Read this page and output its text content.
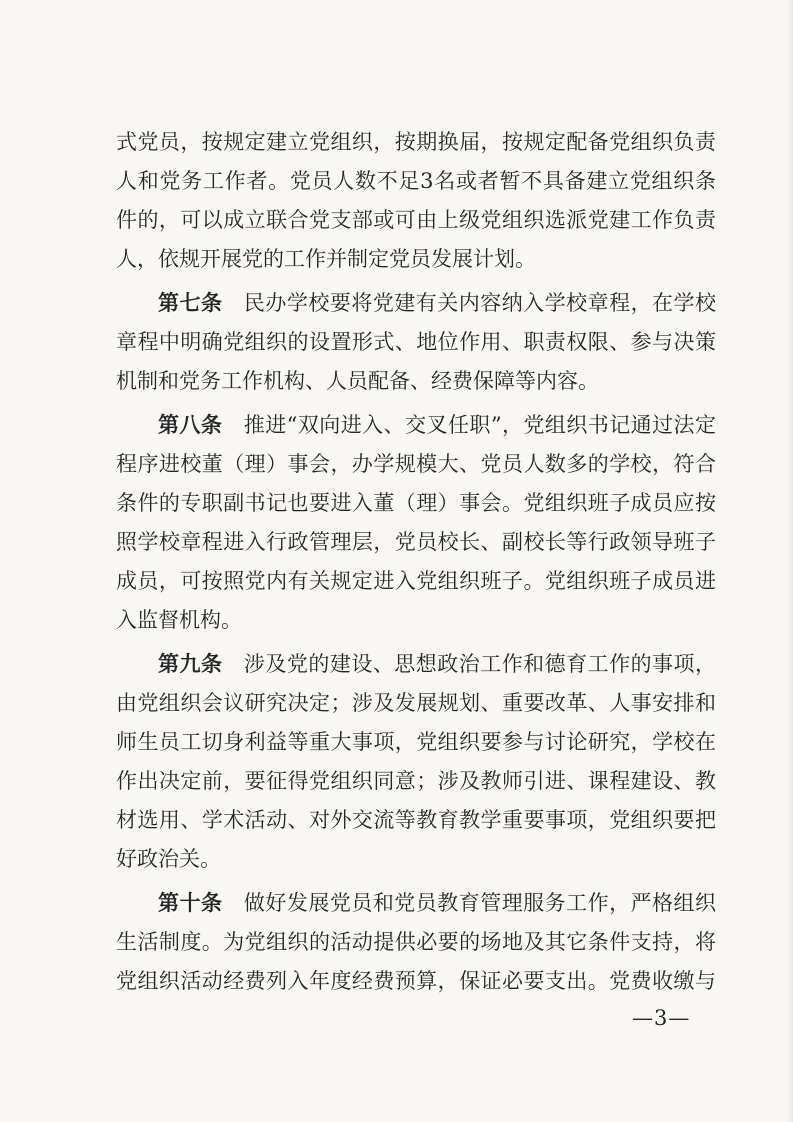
式党员，按规定建立党组织，按期换届，按规定配备党组织负责
人和党务工作者。党员人数不足3名或者暂不具备建立党组织条
件的，可以成立联合党支部或可由上级党组织选派党建工作负责
人，依规开展党的工作并制定党员发展计划。
第七条 民办学校要将党建有关内容纳入学校章程，在学校
章程中明确党组织的设置形式、地位作用、职责权限、参与决策
机制和党务工作机构、人员配备、经费保障等内容。
第八条 推进“双向进入、交叉任职”，党组织书记通过法定
程序进校董（理）事会，办学规模大、党员人数多的学校，符合
条件的专职副书记也要进入董（理）事会。党组织班子成员应按
照学校章程进入行政管理层，党员校长、副校长等行政领导班子
成员，可按照党内有关规定进入党组织班子。党组织班子成员进
入监督机构。
第九条 涉及党的建设、思想政治工作和德育工作的事项，
由党组织会议研究决定；涉及发展规划、重要改革、人事安排和
师生员工切身利益等重大事项，党组织要参与讨论研究，学校在
作出决定前，要征得党组织同意；涉及教师引进、课程建设、教
材选用、学术活动、对外交流等教育教学重要事项，党组织要把
好政治关。
第十条 做好发展党员和党员教育管理服务工作，严格组织
生活制度。为党组织的活动提供必要的场地及其它条件支持，将
党组织活动经费列入年度经费预算，保证必要支出。党费收缴与
—3—
